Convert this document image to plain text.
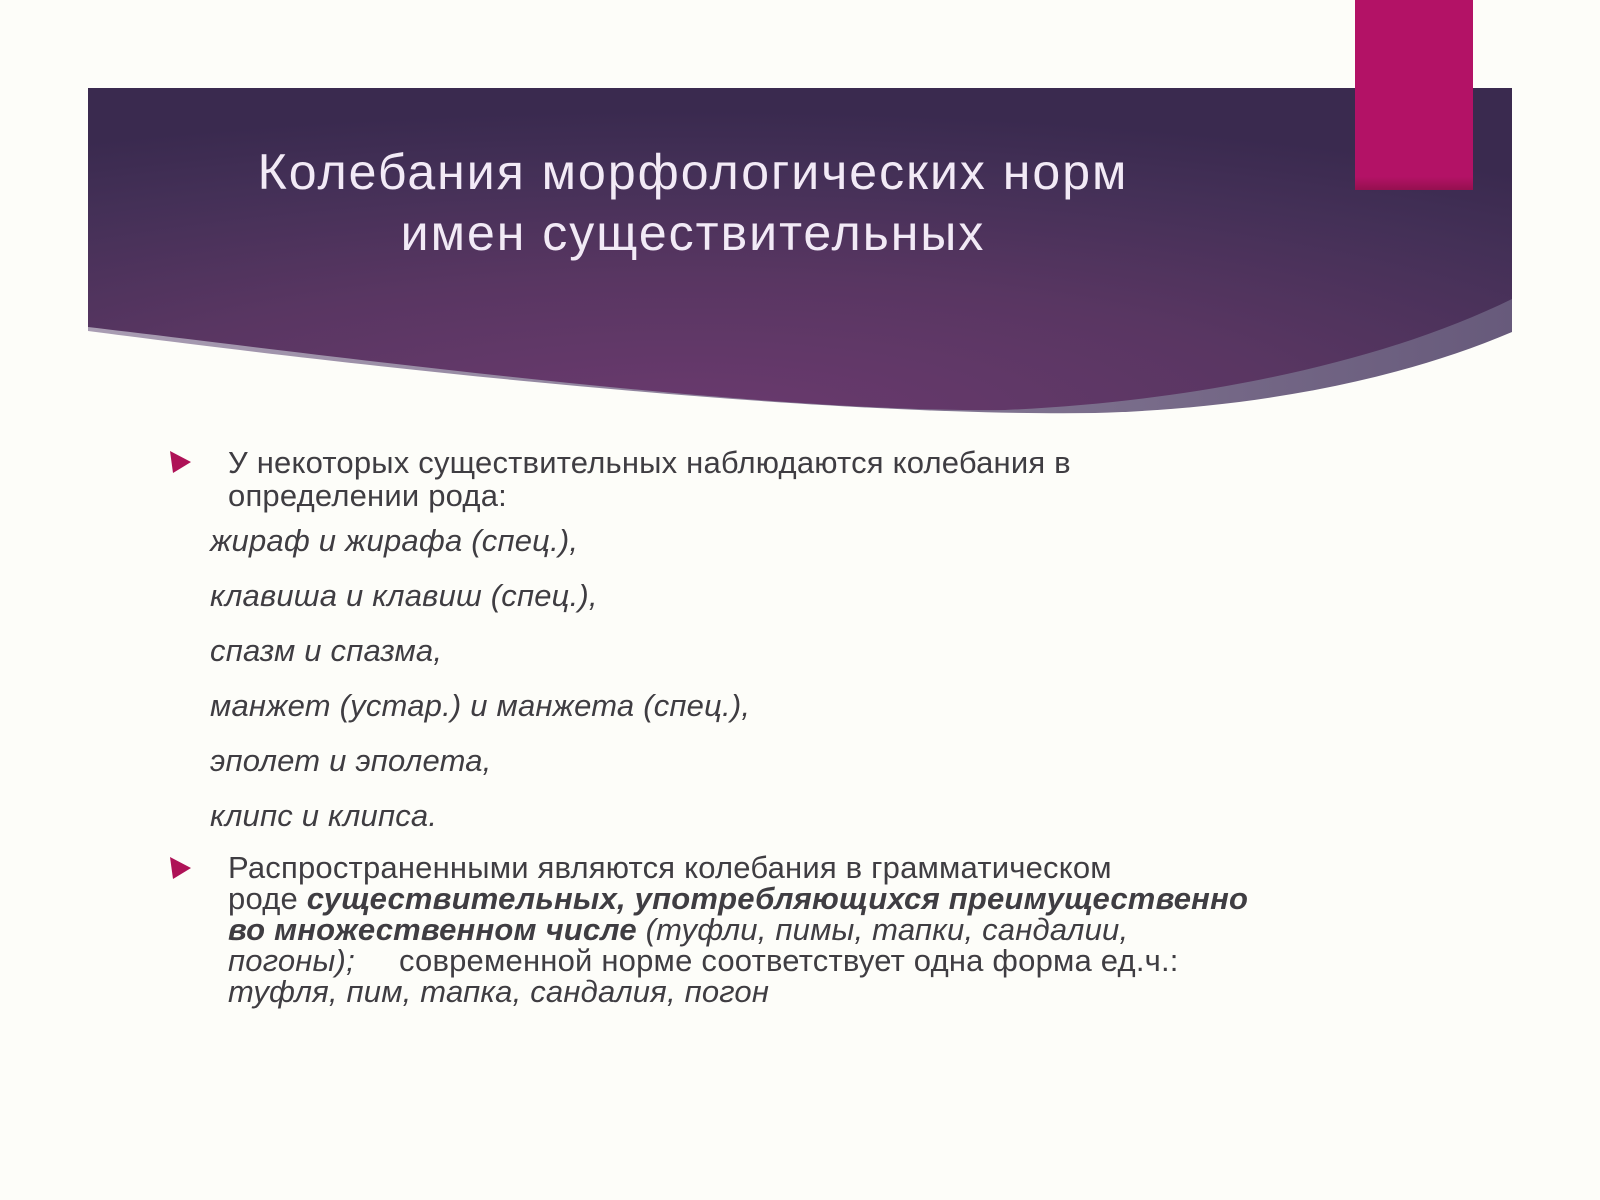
Колебания морфологических норм
имен существительных
У некоторых существительных наблюдаются колебания в
определении рода:
жираф и жирафа (спец.),
клавиша и клавиш (спец.),
спазм и спазма,
манжет (устар.) и манжета (спец.),
эполет и эполета,
клипс и клипса.
Распространенными являются колебания в грамматическом
роде существительных, употребляющихся преимущественно
во множественном числе (туфли, пимы, тапки, сандалии,
погоны);     современной норме соответствует одна форма ед.ч.:
туфля, пим, тапка, сандалия, погон
